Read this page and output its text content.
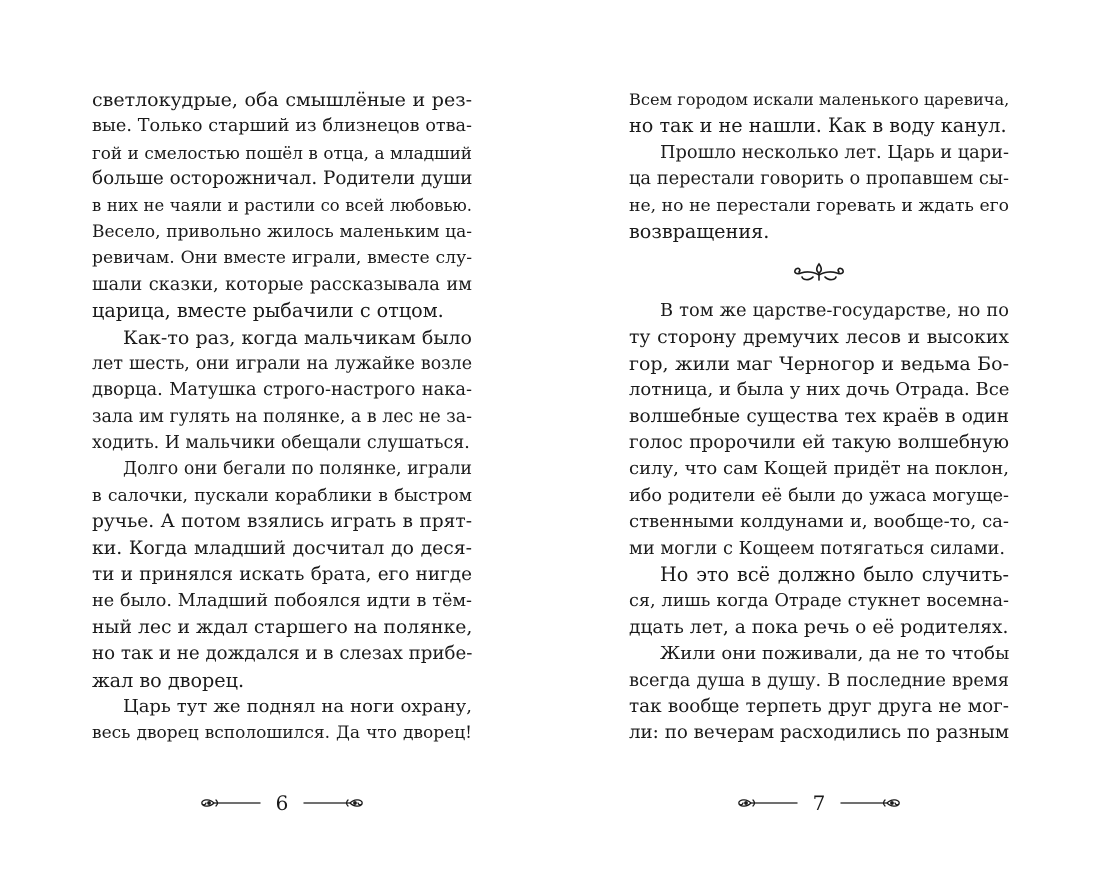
светлокудрые, оба смышлёные и рез-
вые. Только старший из близнецов отва-
гой и смелостью пошёл в отца, а младший
больше осторожничал. Родители души
в них не чаяли и растили со всей любовью.
Весело, привольно жилось маленьким ца-
ревичам. Они вместе играли, вместе слу-
шали сказки, которые рассказывала им
царица, вместе рыбачили с отцом.
Как-то раз, когда мальчикам было
лет шесть, они играли на лужайке возле
дворца. Матушка строго-настрого нака-
зала им гулять на полянке, а в лес не за-
ходить. И мальчики обещали слушаться.
Долго они бегали по полянке, играли
в салочки, пускали кораблики в быстром
ручье. А потом взялись играть в прят-
ки. Когда младший досчитал до деся-
ти и принялся искать брата, его нигде
не было. Младший побоялся идти в тём-
ный лес и ждал старшего на полянке,
но так и не дождался и в слезах прибе-
жал во дворец.
Царь тут же поднял на ноги охрану,
весь дворец всполошился. Да что дворец!
Всем городом искали маленького царевича,
но так и не нашли. Как в воду канул.
Прошло несколько лет. Царь и цари-
ца перестали говорить о пропавшем сы-
не, но не перестали горевать и ждать его
возвращения.
В том же царстве-государстве, но по
ту сторону дремучих лесов и высоких
гор, жили маг Черногор и ведьма Бо-
лотница, и была у них дочь Отрада. Все
волшебные существа тех краёв в один
голос пророчили ей такую волшебную
силу, что сам Кощей придёт на поклон,
ибо родители её были до ужаса могуще-
ственными колдунами и, вообще-то, са-
ми могли с Кощеем потягаться силами.
Но это всё должно было случить-
ся, лишь когда Отраде стукнет восемна-
дцать лет, а пока речь о её родителях.
Жили они поживали, да не то чтобы
всегда душа в душу. В последние время
так вообще терпеть друг друга не мог-
ли: по вечерам расходились по разным
6	7
